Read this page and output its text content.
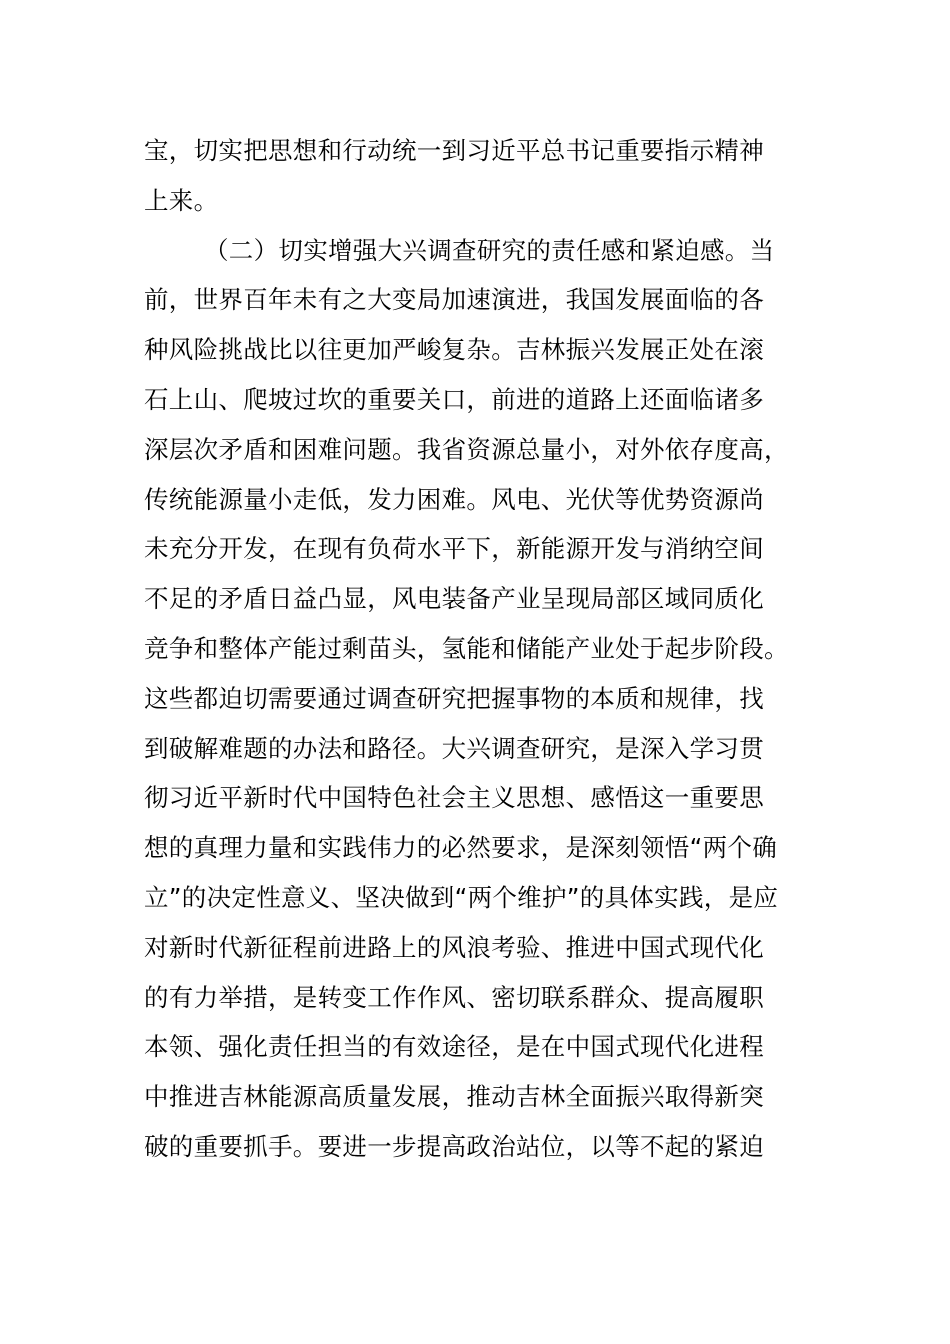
宝，切实把思想和行动统一到习近平总书记重要指示精神
上来。
（二）切实增强大兴调查研究的责任感和紧迫感。当
前，世界百年未有之大变局加速演进，我国发展面临的各
种风险挑战比以往更加严峻复杂。吉林振兴发展正处在滚
石上山、爬坡过坎的重要关口，前进的道路上还面临诸多
深层次矛盾和困难问题。我省资源总量小，对外依存度高，
传统能源量小走低，发力困难。风电、光伏等优势资源尚
未充分开发，在现有负荷水平下，新能源开发与消纳空间
不足的矛盾日益凸显，风电装备产业呈现局部区域同质化
竞争和整体产能过剩苗头，氢能和储能产业处于起步阶段。
这些都迫切需要通过调查研究把握事物的本质和规律，找
到破解难题的办法和路径。大兴调查研究，是深入学习贯
彻习近平新时代中国特色社会主义思想、感悟这一重要思
想的真理力量和实践伟力的必然要求，是深刻领悟“两个确
立”的决定性意义、坚决做到“两个维护”的具体实践，是应
对新时代新征程前进路上的风浪考验、推进中国式现代化
的有力举措，是转变工作作风、密切联系群众、提高履职
本领、强化责任担当的有效途径，是在中国式现代化进程
中推进吉林能源高质量发展，推动吉林全面振兴取得新突
破的重要抓手。要进一步提高政治站位，以等不起的紧迫
